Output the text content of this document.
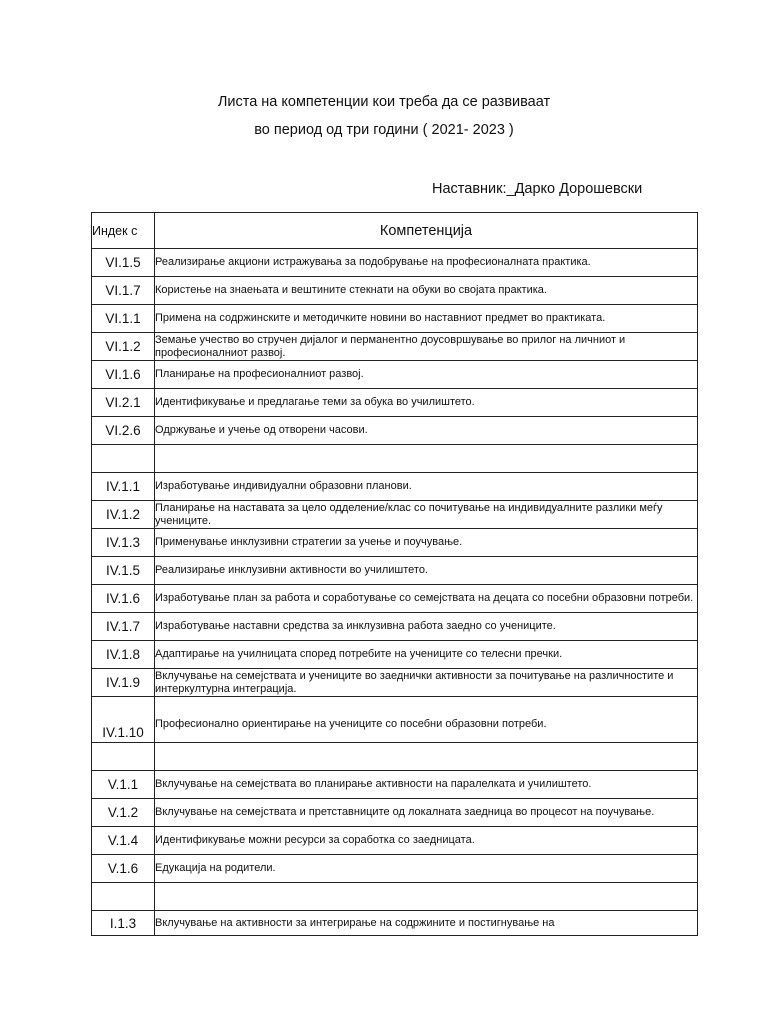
Листа на компетенции кои треба да се развиваат
во период од три години ( 2021- 2023 )
Наставник:_Дарко Дорошевски
Индек с	Компетенција
VI.1.5	Реализирање акциони истражувања за подобрување на професионалната практика.
VI.1.7	Користење на знаењата и вештините стекнати на обуки во својата практика.
VI.1.1	Примена на содржинските и методичките новини во наставниот предмет во практиката.
VI.1.2	Земање учество во стручен дијалог и перманентно доусовршување во прилог на личниот и професионалниот развој.
VI.1.6	Планирање на професионалниот развој.
VI.2.1	Идентификување и предлагање теми за обука во училиштето.
VI.2.6	Одржување и учење од отворени часови.

IV.1.1	Изработување индивидуални образовни планови.
IV.1.2	Планирање на наставата за цело одделение/клас со почитување на индивидуалните разлики меѓу учениците.
IV.1.3	Применување инклузивни стратегии за учење и поучување.
IV.1.5	Реализирање инклузивни активности во училиштето.
IV.1.6	Изработување план за работа и соработување со семејствата на децата со посебни образовни потреби.
IV.1.7	Изработување наставни средства за инклузивна работа заедно со учениците.
IV.1.8	Адаптирање на училницата според потребите на учениците со телесни пречки.
IV.1.9	Вклучување на семејствата и учениците во заеднички активности за почитување на различностите и интеркултурна интеграција.
IV.1.10	Професионално ориентирање на учениците со посебни образовни потреби.

V.1.1	Вклучување на семејствата во планирање активности на паралелката и училиштето.
V.1.2	Вклучување на семејствата и претставниците од локалната заедница во процесот на поучување.
V.1.4	Идентификување можни ресурси за соработка со заедницата.
V.1.6	Едукација на родители.

I.1.3	Вклучување на активности за интегрирање на содржините и постигнување на
